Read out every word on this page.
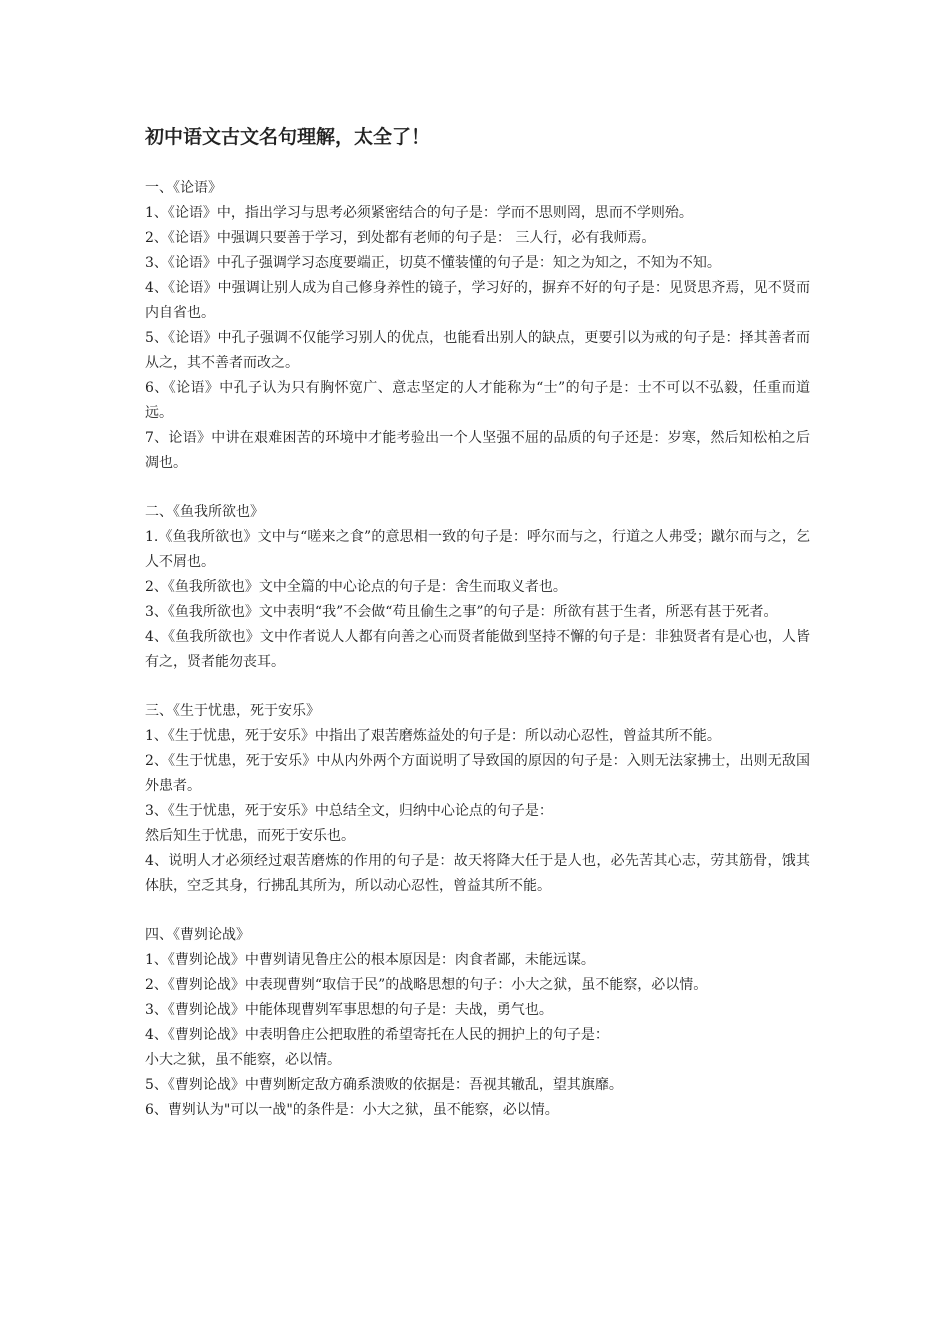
初中语文古文名句理解，太全了！

一、《论语》

1、《论语》中，指出学习与思考必须紧密结合的句子是：学而不思则罔，思而不学则殆。

2、《论语》中强调只要善于学习，到处都有老师的句子是： 三人行，必有我师焉。

3、《论语》中孔子强调学习态度要端正，切莫不懂装懂的句子是：知之为知之，不知为不知。

4、《论语》中强调让别人成为自己修身养性的镜子，学习好的，摒弃不好的句子是：见贤思齐焉，见不贤而内自省也。

5、《论语》中孔子强调不仅能学习别人的优点，也能看出别人的缺点，更要引以为戒的句子是：择其善者而从之，其不善者而改之。

6、《论语》中孔子认为只有胸怀宽广、意志坚定的人才能称为“士”的句子是：士不可以不弘毅，任重而道远。

7、论语》中讲在艰难困苦的环境中才能考验出一个人坚强不屈的品质的句子还是：岁寒，然后知松柏之后凋也。

二、《鱼我所欲也》

1.《鱼我所欲也》文中与“嗟来之食”的意思相一致的句子是：呼尔而与之，行道之人弗受；蹴尔而与之，乞人不屑也。

2、《鱼我所欲也》文中全篇的中心论点的句子是：舍生而取义者也。

3、《鱼我所欲也》文中表明“我”不会做“苟且偷生之事”的句子是：所欲有甚于生者，所恶有甚于死者。

4、《鱼我所欲也》文中作者说人人都有向善之心而贤者能做到坚持不懈的句子是：非独贤者有是心也，人皆有之，贤者能勿丧耳。

三、《生于忧患，死于安乐》

1、《生于忧患，死于安乐》中指出了艰苦磨炼益处的句子是：所以动心忍性，曾益其所不能。

2、《生于忧患，死于安乐》中从内外两个方面说明了导致国的原因的句子是：入则无法家拂士，出则无敌国外患者。

3、《生于忧患，死于安乐》中总结全文，归纳中心论点的句子是：

然后知生于忧患，而死于安乐也。

4、说明人才必须经过艰苦磨炼的作用的句子是：故天将降大任于是人也，必先苦其心志，劳其筋骨，饿其体肤，空乏其身，行拂乱其所为，所以动心忍性，曾益其所不能。

四、《曹刿论战》

1、《曹刿论战》中曹刿请见鲁庄公的根本原因是：肉食者鄙，未能远谋。

2、《曹刿论战》中表现曹刿“取信于民”的战略思想的句子：小大之狱，虽不能察，必以情。

3、《曹刿论战》中能体现曹刿军事思想的句子是：夫战，勇气也。

4、《曹刿论战》中表明鲁庄公把取胜的希望寄托在人民的拥护上的句子是：

小大之狱，虽不能察，必以情。

5、《曹刿论战》中曹刿断定敌方确系溃败的依据是：吾视其辙乱，望其旗靡。

6、曹刿认为"可以一战"的条件是：小大之狱，虽不能察，必以情。
